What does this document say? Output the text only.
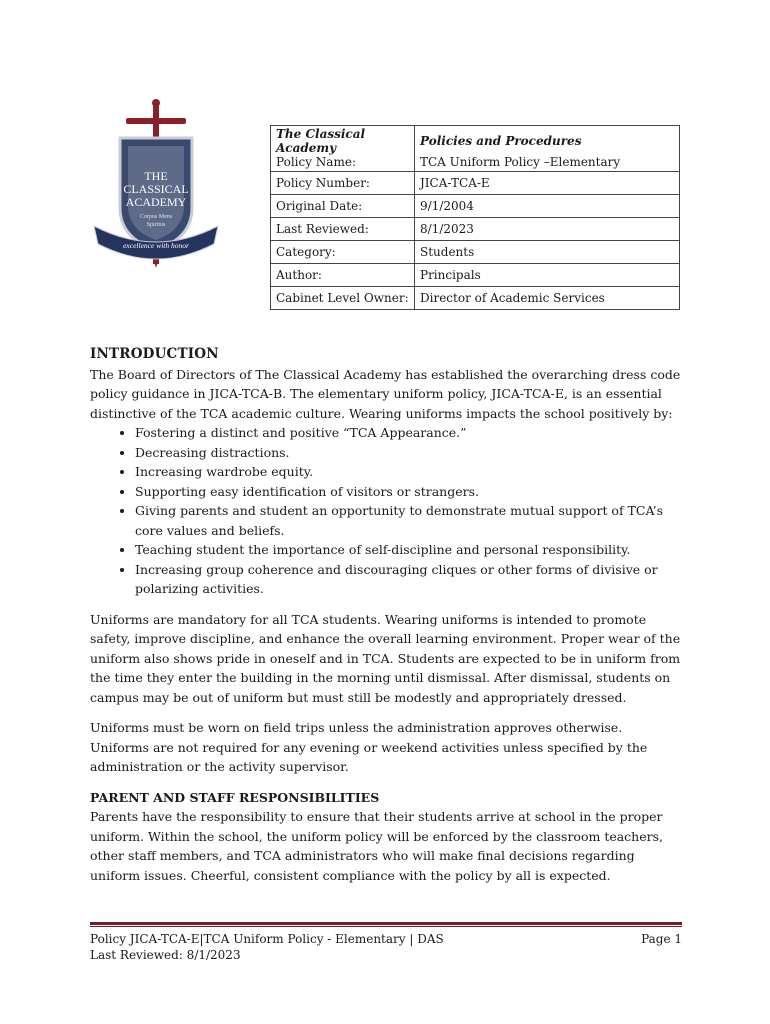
THE
CLASSICAL
ACADEMY
Corpus Mens
Spiritus
excellence with honor
The Classical Academy	Policies and Procedures
Policy Name:	TCA Uniform Policy –Elementary
Policy Number:	JICA-TCA-E
Original Date:	9/1/2004
Last Reviewed:	8/1/2023
Category:	Students
Author:	Principals
Cabinet Level Owner:	Director of Academic Services
INTRODUCTION

The Board of Directors of The Classical Academy has established the overarching dress code policy guidance in JICA-TCA-B. The elementary uniform policy, JICA-TCA-E, is an essential distinctive of the TCA academic culture. Wearing uniforms impacts the school positively by:

• Fostering a distinct and positive “TCA Appearance.”
• Decreasing distractions.
• Increasing wardrobe equity.
• Supporting easy identification of visitors or strangers.
• Giving parents and student an opportunity to demonstrate mutual support of TCA’s core values and beliefs.
• Teaching student the importance of self-discipline and personal responsibility.
• Increasing group coherence and discouraging cliques or other forms of divisive or polarizing activities.

Uniforms are mandatory for all TCA students. Wearing uniforms is intended to promote safety, improve discipline, and enhance the overall learning environment. Proper wear of the uniform also shows pride in oneself and in TCA. Students are expected to be in uniform from the time they enter the building in the morning until dismissal. After dismissal, students on campus may be out of uniform but must still be modestly and appropriately dressed.

Uniforms must be worn on field trips unless the administration approves otherwise. Uniforms are not required for any evening or weekend activities unless specified by the administration or the activity supervisor.

PARENT AND STAFF RESPONSIBILITIES

Parents have the responsibility to ensure that their students arrive at school in the proper uniform. Within the school, the uniform policy will be enforced by the classroom teachers, other staff members, and TCA administrators who will make final decisions regarding uniform issues. Cheerful, consistent compliance with the policy by all is expected.

Policy JICA-TCA-E|TCA Uniform Policy - Elementary | DAS
Last Reviewed: 8/1/2023
Page 1
